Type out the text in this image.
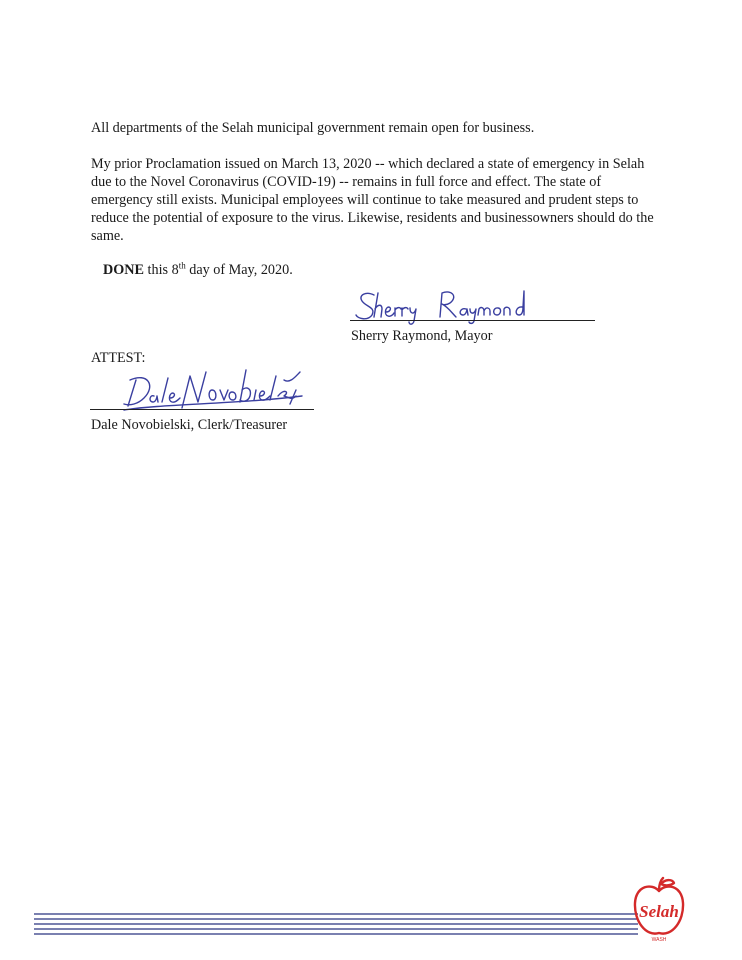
All departments of the Selah municipal government remain open for business.

My prior Proclamation issued on March 13, 2020 -- which declared a state of emergency in Selah due to the Novel Coronavirus (COVID-19) -- remains in full force and effect. The state of emergency still exists. Municipal employees will continue to take measured and prudent steps to reduce the potential of exposure to the virus. Likewise, residents and businessowners should do the same.

DONE this 8th day of May, 2020.
Sherry Raymond, Mayor
ATTEST:
Dale Novobielski, Clerk/Treasurer
Selah
WASH
